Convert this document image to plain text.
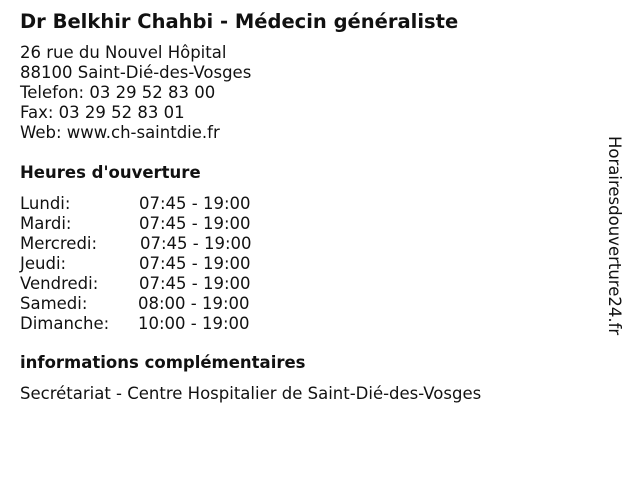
Dr Belkhir Chahbi - Médecin généraliste
26 rue du Nouvel Hôpital
88100 Saint-Dié-des-Vosges
Telefon: 03 29 52 83 00
Fax: 03 29 52 83 01
Web: www.ch-saintdie.fr
Heures d'ouverture
Lundi:	07:45 - 19:00
Mardi:	07:45 - 19:00
Mercredi:	07:45 - 19:00
Jeudi:	07:45 - 19:00
Vendredi: 07:45 - 19:00
Samedi:	08:00 - 19:00
Dimanche: 10:00 - 19:00
informations complémentaires
Secrétariat - Centre Hospitalier de Saint-Dié-des-Vosges
Horairesdouverture24.fr
